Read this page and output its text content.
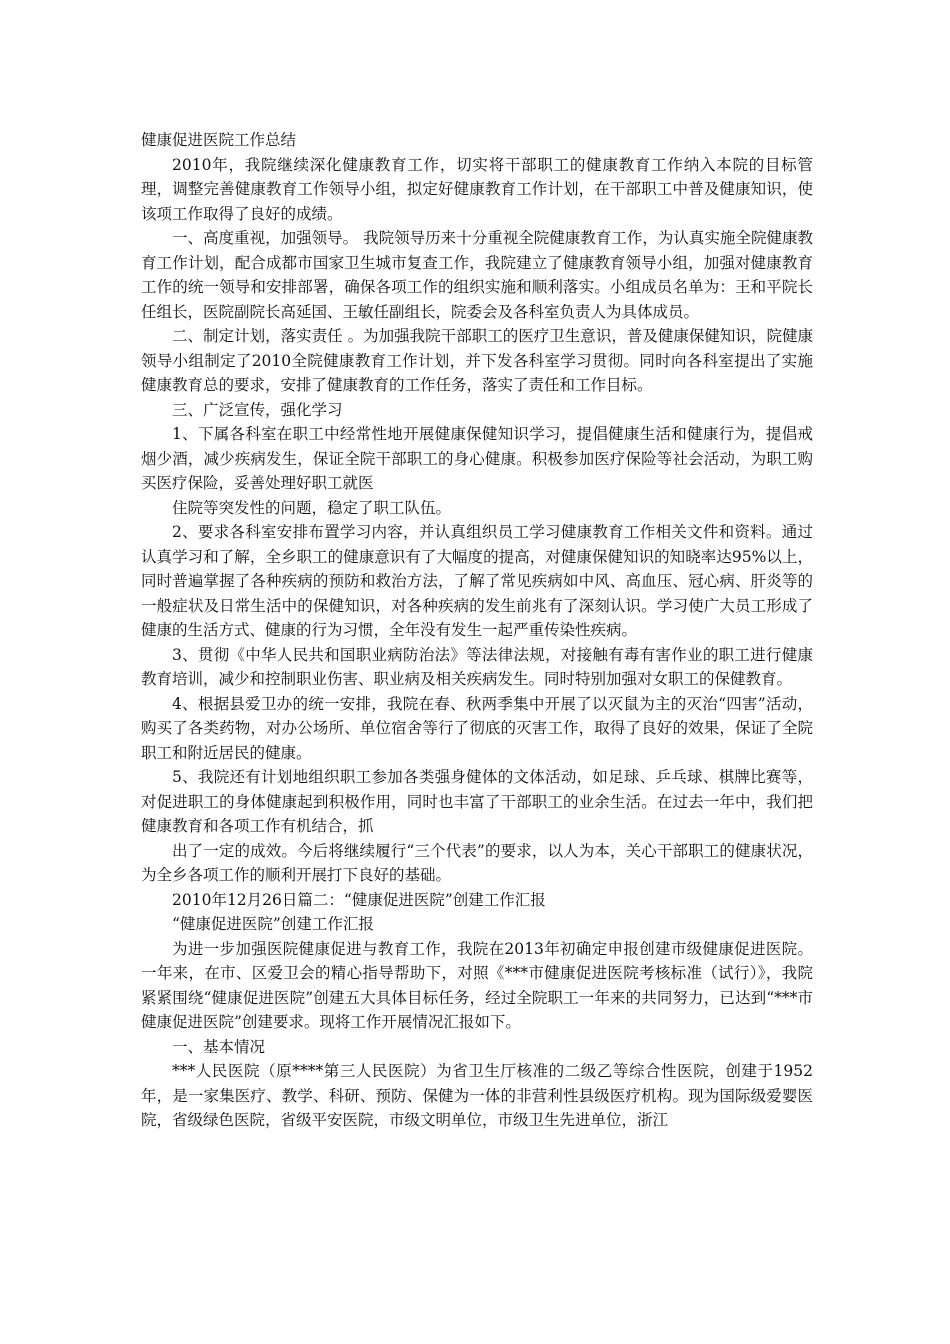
健康促进医院工作总结

2010年，我院继续深化健康教育工作，切实将干部职工的健康教育工作纳入本院的目标管理，调整完善健康教育工作领导小组，拟定好健康教育工作计划，在干部职工中普及健康知识，使该项工作取得了良好的成绩。

一、高度重视，加强领导。 我院领导历来十分重视全院健康教育工作，为认真实施全院健康教育工作计划，配合成都市国家卫生城市复查工作，我院建立了健康教育领导小组，加强对健康教育工作的统一领导和安排部署，确保各项工作的组织实施和顺利落实。小组成员名单为：王和平院长任组长，医院副院长高延国、王敏任副组长，院委会及各科室负责人为具体成员。

二、制定计划，落实责任 。为加强我院干部职工的医疗卫生意识，普及健康保健知识，院健康领导小组制定了2010全院健康教育工作计划，并下发各科室学习贯彻。同时向各科室提出了实施健康教育总的要求，安排了健康教育的工作任务，落实了责任和工作目标。

三、广泛宣传，强化学习

1、下属各科室在职工中经常性地开展健康保健知识学习，提倡健康生活和健康行为，提倡戒烟少酒，减少疾病发生，保证全院干部职工的身心健康。积极参加医疗保险等社会活动，为职工购买医疗保险，妥善处理好职工就医

住院等突发性的问题，稳定了职工队伍。

2、要求各科室安排布置学习内容，并认真组织员工学习健康教育工作相关文件和资料。通过认真学习和了解，全乡职工的健康意识有了大幅度的提高，对健康保健知识的知晓率达95%以上，同时普遍掌握了各种疾病的预防和救治方法，了解了常见疾病如中风、高血压、冠心病、肝炎等的一般症状及日常生活中的保健知识，对各种疾病的发生前兆有了深刻认识。学习使广大员工形成了健康的生活方式、健康的行为习惯，全年没有发生一起严重传染性疾病。

3、贯彻《中华人民共和国职业病防治法》等法律法规，对接触有毒有害作业的职工进行健康教育培训，减少和控制职业伤害、职业病及相关疾病发生。同时特别加强对女职工的保健教育。

4、根据县爱卫办的统一安排，我院在春、秋两季集中开展了以灭鼠为主的灭治“四害”活动，购买了各类药物，对办公场所、单位宿舍等行了彻底的灭害工作，取得了良好的效果，保证了全院职工和附近居民的健康。

5、我院还有计划地组织职工参加各类强身健体的文体活动，如足球、乒乓球、棋牌比赛等，对促进职工的身体健康起到积极作用，同时也丰富了干部职工的业余生活。在过去一年中，我们把健康教育和各项工作有机结合，抓

出了一定的成效。今后将继续履行“三个代表”的要求，以人为本，关心干部职工的健康状况，为全乡各项工作的顺利开展打下良好的基础。

2010年12月26日篇二：“健康促进医院”创建工作汇报

“健康促进医院”创建工作汇报

为进一步加强医院健康促进与教育工作，我院在2013年初确定申报创建市级健康促进医院。一年来，在市、区爱卫会的精心指导帮助下，对照《***市健康促进医院考核标准（试行）》，我院紧紧围绕“健康促进医院”创建五大具体目标任务，经过全院职工一年来的共同努力，已达到“***市健康促进医院”创建要求。现将工作开展情况汇报如下。

一、基本情况

***人民医院（原****第三人民医院）为省卫生厅核准的二级乙等综合性医院，创建于1952年，是一家集医疗、教学、科研、预防、保健为一体的非营利性县级医疗机构。现为国际级爱婴医院，省级绿色医院，省级平安医院，市级文明单位，市级卫生先进单位，浙江
